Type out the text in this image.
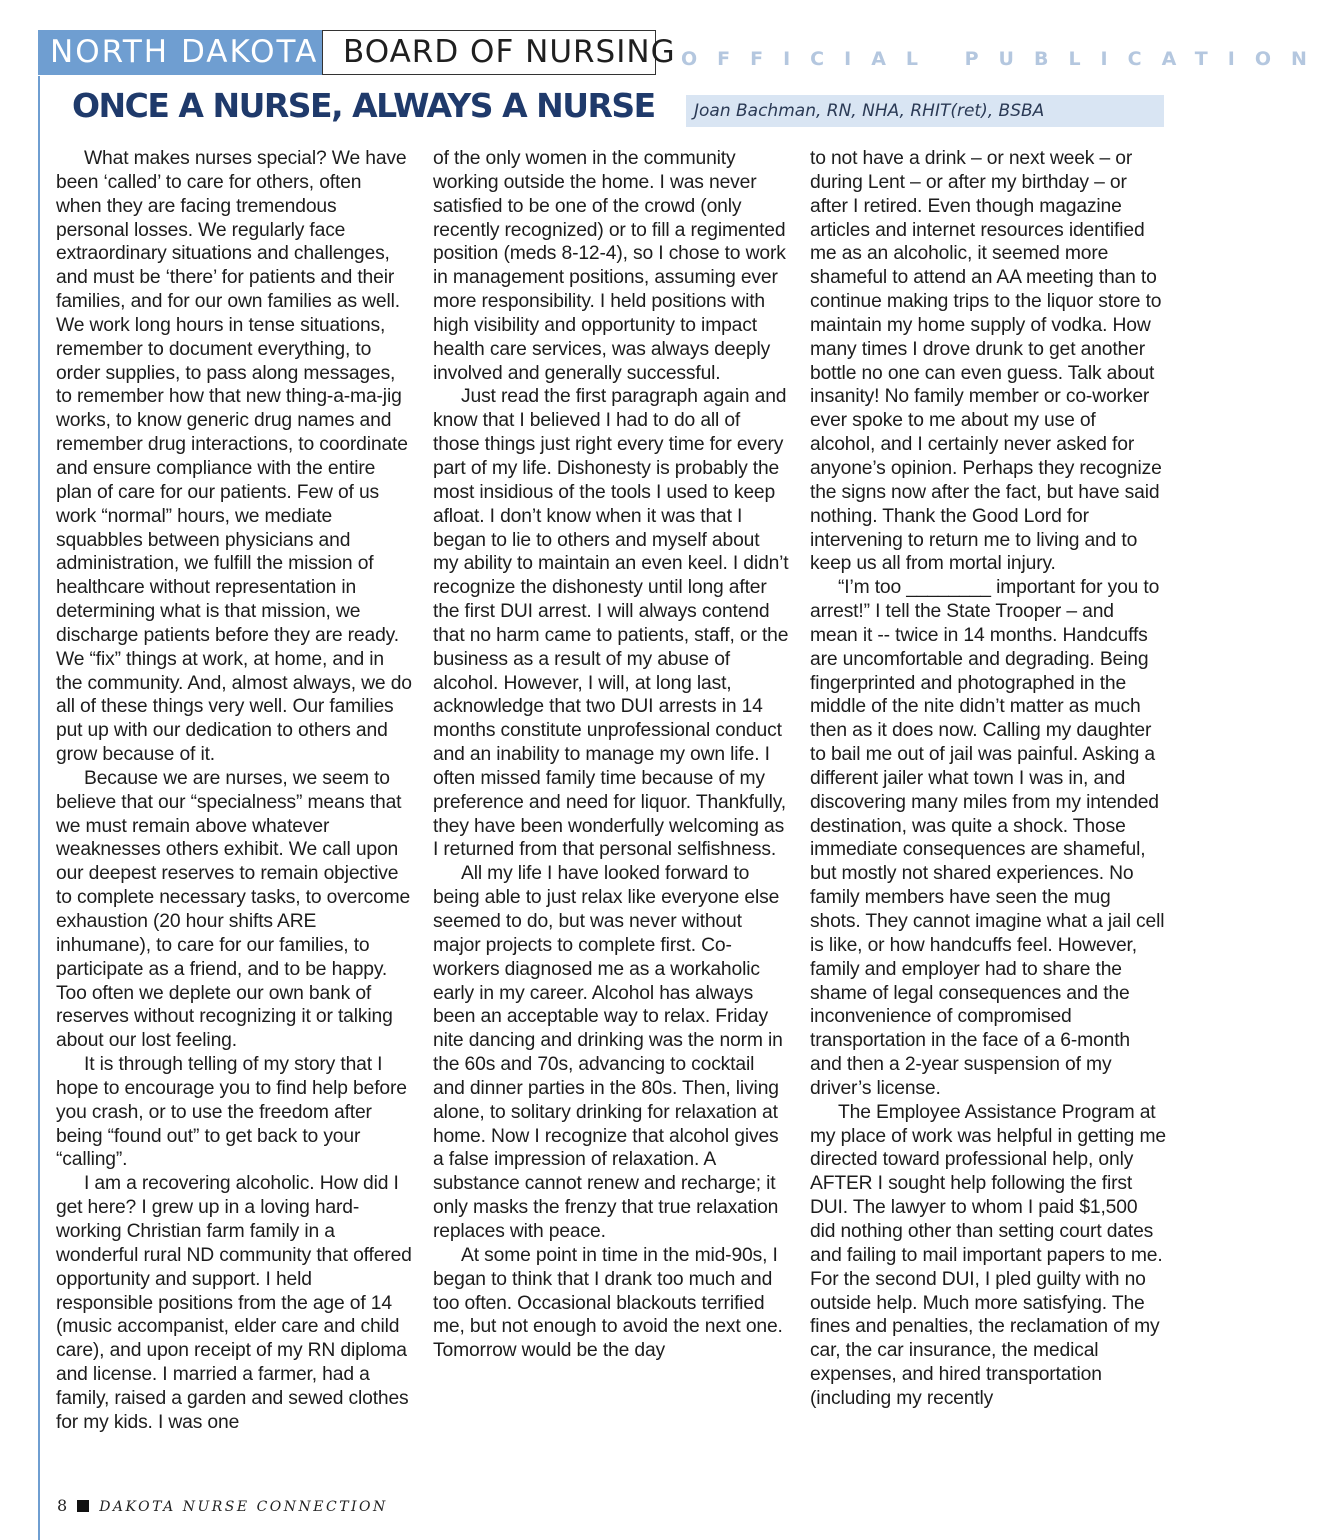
NORTH DAKOTA BOARD OF NURSING OFFICIAL PUBLICATION
ONCE A NURSE, ALWAYS A NURSE	Joan Bachman, RN, NHA, RHIT(ret), BSBA

What makes nurses special? We have been ‘called’ to care for others, often when they are facing tremendous personal losses. We regularly face extraordinary situations and challenges, and must be ‘there’ for patients and their families, and for our own families as well. We work long hours in tense situations, remember to document everything, to order supplies, to pass along messages, to remember how that new thing-a-ma-jig works, to know generic drug names and remember drug interactions, to coordinate and ensure compliance with the entire plan of care for our patients. Few of us work “normal” hours, we mediate squabbles between physicians and administration, we fulfill the mission of healthcare without representation in determining what is that mission, we discharge patients before they are ready. We “fix” things at work, at home, and in the community. And, almost always, we do all of these things very well. Our families put up with our dedication to others and grow because of it.

Because we are nurses, we seem to believe that our “specialness” means that we must remain above whatever weaknesses others exhibit. We call upon our deepest reserves to remain objective to complete necessary tasks, to overcome exhaustion (20 hour shifts ARE inhumane), to care for our families, to participate as a friend, and to be happy. Too often we deplete our own bank of reserves without recognizing it or talking about our lost feeling.

It is through telling of my story that I hope to encourage you to find help before you crash, or to use the freedom after being “found out” to get back to your “calling”.

I am a recovering alcoholic. How did I get here? I grew up in a loving hard-working Christian farm family in a wonderful rural ND community that offered opportunity and support. I held responsible positions from the age of 14 (music accompanist, elder care and child care), and upon receipt of my RN diploma and license. I married a farmer, had a family, raised a garden and sewed clothes for my kids. I was one

of the only women in the community working outside the home. I was never satisfied to be one of the crowd (only recently recognized) or to fill a regimented position (meds 8-12-4), so I chose to work in management positions, assuming ever more responsibility. I held positions with high visibility and opportunity to impact health care services, was always deeply involved and generally successful.

Just read the first paragraph again and know that I believed I had to do all of those things just right every time for every part of my life. Dishonesty is probably the most insidious of the tools I used to keep afloat. I don’t know when it was that I began to lie to others and myself about my ability to maintain an even keel. I didn’t recognize the dishonesty until long after the first DUI arrest. I will always contend that no harm came to patients, staff, or the business as a result of my abuse of alcohol. However, I will, at long last, acknowledge that two DUI arrests in 14 months constitute unprofessional conduct and an inability to manage my own life. I often missed family time because of my preference and need for liquor. Thankfully, they have been wonderfully welcoming as I returned from that personal selfishness.

All my life I have looked forward to being able to just relax like everyone else seemed to do, but was never without major projects to complete first. Co-workers diagnosed me as a workaholic early in my career. Alcohol has always been an acceptable way to relax. Friday nite dancing and drinking was the norm in the 60s and 70s, advancing to cocktail and dinner parties in the 80s. Then, living alone, to solitary drinking for relaxation at home. Now I recognize that alcohol gives a false impression of relaxation. A substance cannot renew and recharge; it only masks the frenzy that true relaxation replaces with peace.

At some point in time in the mid-90s, I began to think that I drank too much and too often. Occasional blackouts terrified me, but not enough to avoid the next one. Tomorrow would be the day

to not have a drink – or next week – or during Lent – or after my birthday – or after I retired. Even though magazine articles and internet resources identified me as an alcoholic, it seemed more shameful to attend an AA meeting than to continue making trips to the liquor store to maintain my home supply of vodka. How many times I drove drunk to get another bottle no one can even guess. Talk about insanity! No family member or co-worker ever spoke to me about my use of alcohol, and I certainly never asked for anyone’s opinion. Perhaps they recognize the signs now after the fact, but have said nothing. Thank the Good Lord for intervening to return me to living and to keep us all from mortal injury.

“I’m too ________ important for you to arrest!” I tell the State Trooper – and mean it -- twice in 14 months. Handcuffs are uncomfortable and degrading. Being fingerprinted and photographed in the middle of the nite didn’t matter as much then as it does now. Calling my daughter to bail me out of jail was painful. Asking a different jailer what town I was in, and discovering many miles from my intended destination, was quite a shock. Those immediate consequences are shameful, but mostly not shared experiences. No family members have seen the mug shots. They cannot imagine what a jail cell is like, or how handcuffs feel. However, family and employer had to share the shame of legal consequences and the inconvenience of compromised transportation in the face of a 6-month and then a 2-year suspension of my driver’s license.

The Employee Assistance Program at my place of work was helpful in getting me directed toward professional help, only AFTER I sought help following the first DUI. The lawyer to whom I paid $1,500 did nothing other than setting court dates and failing to mail important papers to me. For the second DUI, I pled guilty with no outside help. Much more satisfying. The fines and penalties, the reclamation of my car, the car insurance, the medical expenses, and hired transportation (including my recently

8 DAKOTA NURSE CONNECTION
